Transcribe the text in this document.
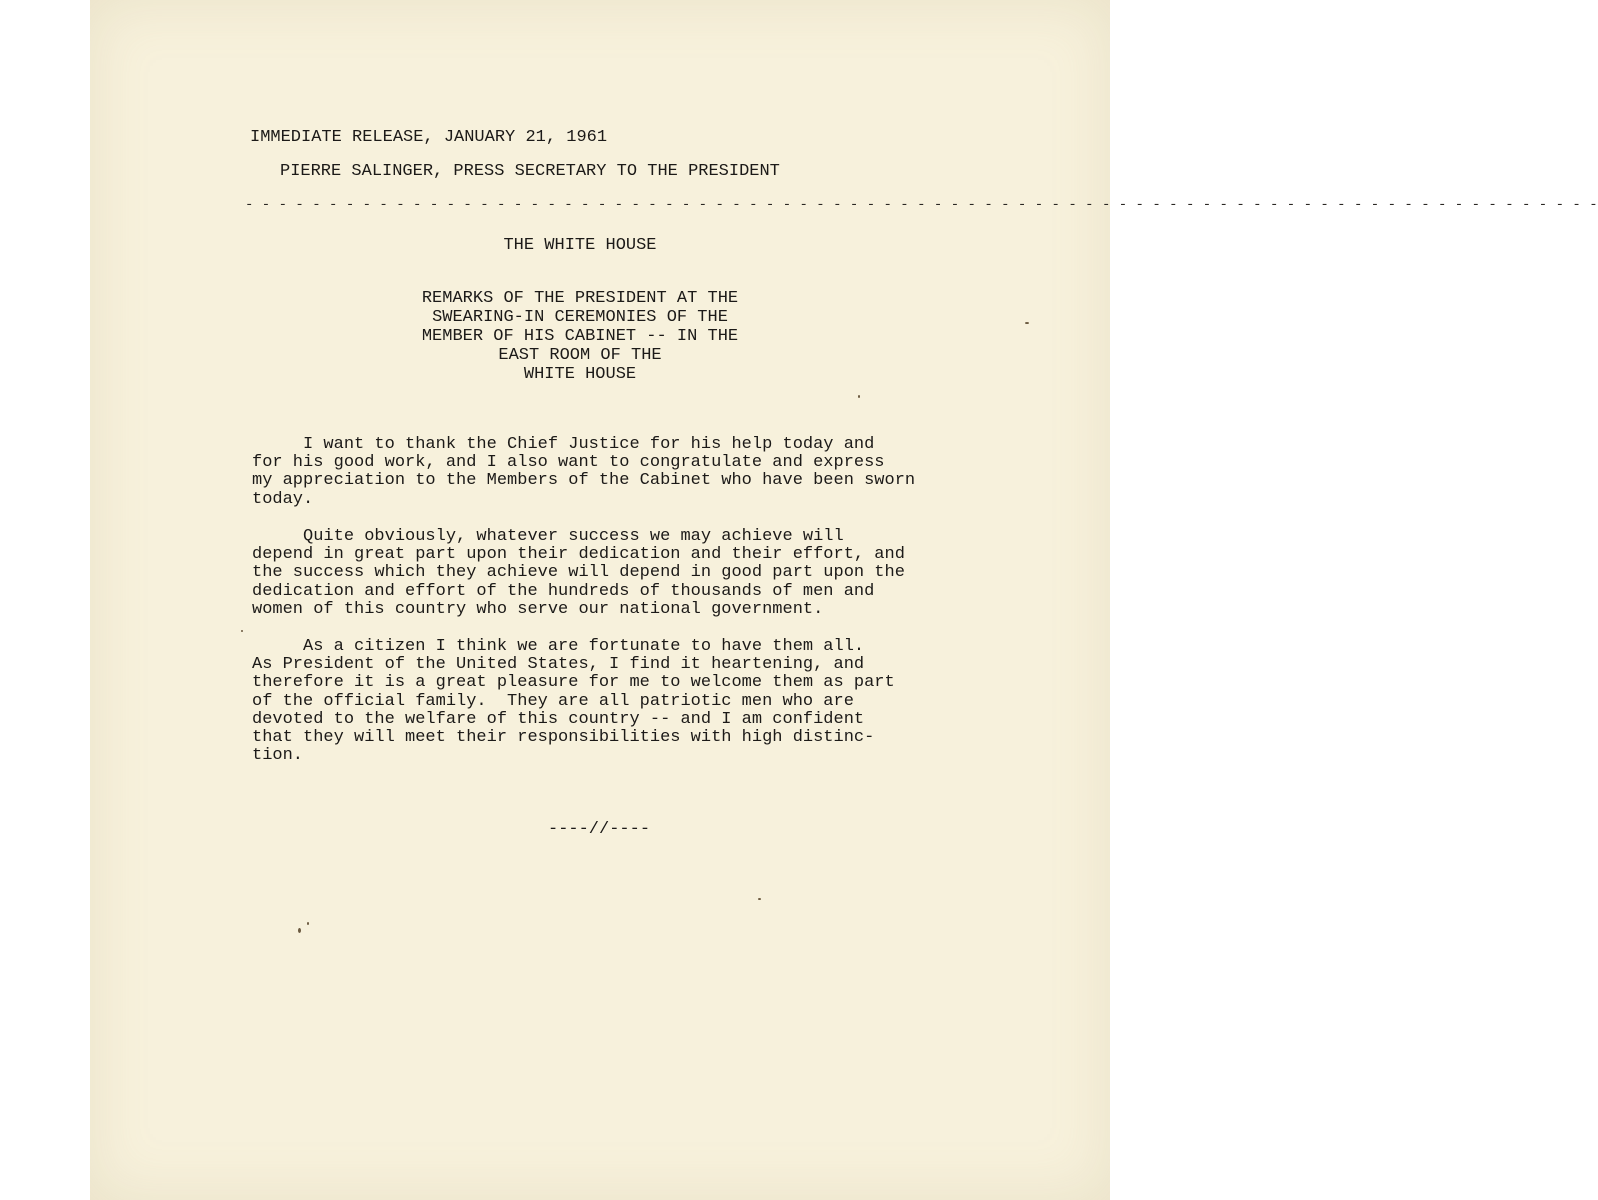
IMMEDIATE RELEASE, JANUARY 21, 1961
PIERRE SALINGER, PRESS SECRETARY TO THE PRESIDENT
- - - - - - - - - - - - - - - - - - - - - - - - - - - - - - - - - - - - - - - - - - - - - - - - - - - - - - - - - - - - - - - - - - - - - - - - - - - - - - - - -
THE WHITE HOUSE
REMARKS OF THE PRESIDENT AT THE
SWEARING-IN CEREMONIES OF THE
MEMBER OF HIS CABINET -- IN THE
EAST ROOM OF THE
WHITE HOUSE
I want to thank the Chief Justice for his help today and
for his good work, and I also want to congratulate and express
my appreciation to the Members of the Cabinet who have been sworn
today.
Quite obviously, whatever success we may achieve will
depend in great part upon their dedication and their effort, and
the success which they achieve will depend in good part upon the
dedication and effort of the hundreds of thousands of men and
women of this country who serve our national government.
As a citizen I think we are fortunate to have them all.
As President of the United States, I find it heartening, and
therefore it is a great pleasure for me to welcome them as part
of the official family.  They are all patriotic men who are
devoted to the welfare of this country -- and I am confident
that they will meet their responsibilities with high distinc-
tion.
----//----
